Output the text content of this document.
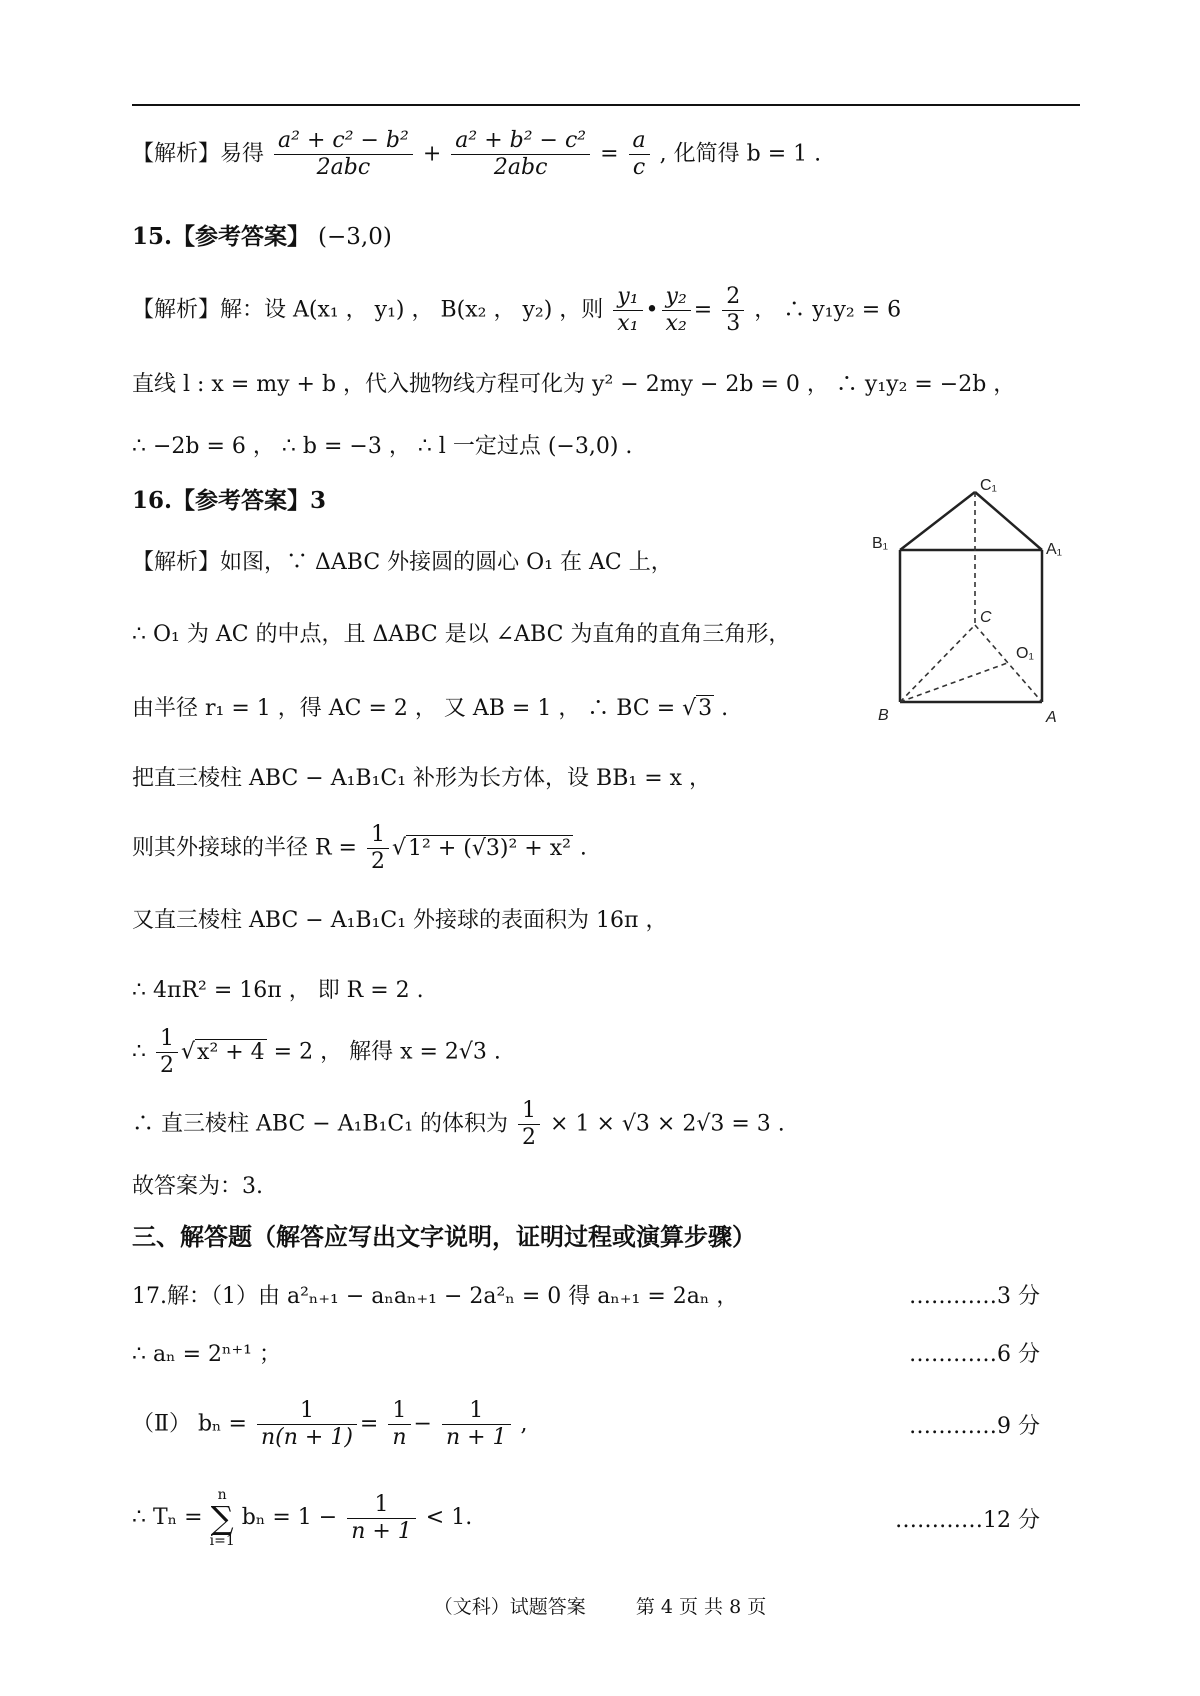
【解析】易得 $\frac{\text{a² + c² − b²}}{\text{2abc}} + \frac{\text{a² + b² − c²}}{\text{2abc}} = \frac{a}{c}$ , 化简得 b = 1 .
15.【参考答案】 (−3,0)
【解析】解：设 A(x₁ ， y₁) ， B(x₂ ， y₂) ，则 $\frac{\text{y₁}}{\text{x₁}}$ • $\frac{\text{y₂}}{\text{x₂}} = \frac{2}{3}$ ， ∴ y₁y₂ = 6
直线 l : x = my + b ，代入抛物线方程可化为 y² − 2my − 2b = 0 ， ∴ y₁y₂ = −2b ，
∴ −2b = 6 ， ∴ b = −3 ， ∴ l 一定过点 (−3,0) .
16.【参考答案】3
【解析】如图，∵ ΔABC 外接圆的圆心 O₁ 在 AC 上，
∴ O₁ 为 AC 的中点，且 ΔABC 是以 ∠ABC 为直角的直角三角形，
由半径 r₁ = 1 ，得 AC = 2 ， 又 AB = 1 ， ∴ BC = √3 .
把直三棱柱 ABC − A₁B₁C₁ 补形为长方体，设 BB₁ = x ，
则其外接球的半径 $R = \frac{1}{2} √1^2 + (√3)^2 + x^2$ .
又直三棱柱 ABC − A₁B₁C₁ 外接球的表面积为 16π ，
∴ 4πR² = 16π ， 即 R = 2 .
∴ $\frac{1}{2} √x^2 + 4 = 2$ ， 解得 x = 2√3 .
∴ 直三棱柱 ABC − A₁B₁C₁ 的体积为 $\frac{1}{2} \times 1 \times √3 \times 2√3 = 3$ .
故答案为：3.
三、解答题（解答应写出文字说明，证明过程或演算步骤）
17.解：（1）由 a²ₙ₊₁ − aₙaₙ₊₁ − 2a²ₙ = 0 得 aₙ₊₁ = 2aₙ ，	…………3 分
∴ aₙ = 2ⁿ⁺¹ ；	…………6 分
（Ⅱ） $b_n = \frac{1}{n(n + 1)} = \frac{1}{n} - \frac{1}{n + 1}$ ,	…………9 分
∴ Tₙ =
n
∑
i=1
$b_n = 1 - \frac{1}{n + 1} < 1$.	…………12 分
C₁
B₁	A₁
C
O₁
B	A
（文科）试题答案	第 4 页 共 8 页
